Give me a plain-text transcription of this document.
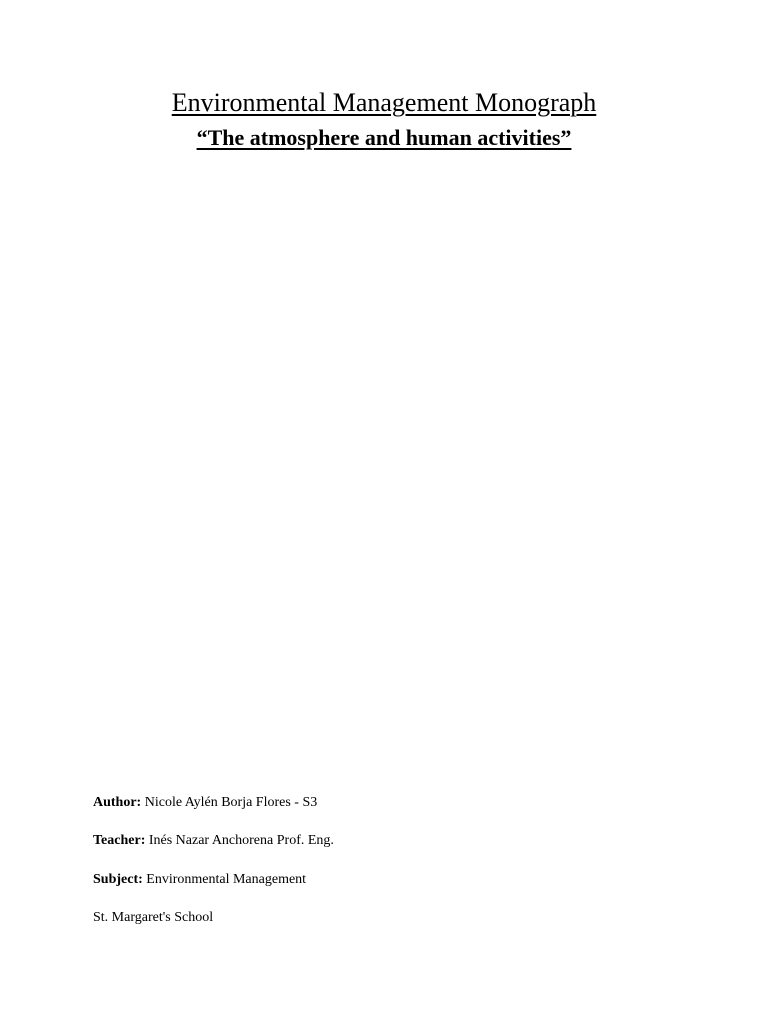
Environmental Management Monograph
“The atmosphere and human activities”
Author: Nicole Aylén Borja Flores - S3
Teacher: Inés Nazar Anchorena Prof. Eng.
Subject: Environmental Management
St. Margaret's School
